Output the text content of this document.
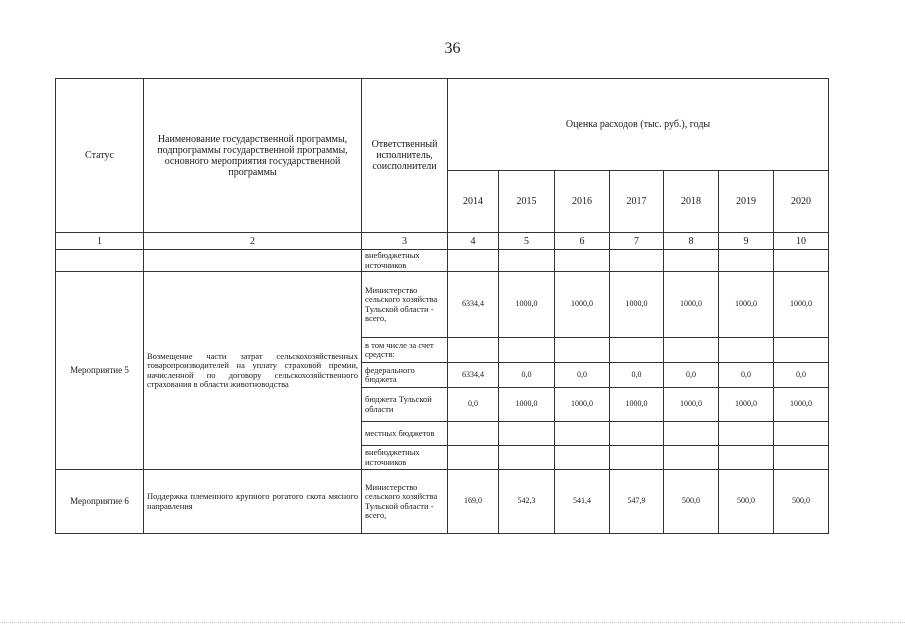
36
Статус	Наименование государственной программы, подпрограммы государственной программы, основного мероприятия государственной программы	Ответственный исполнитель, соисполнители	Оценка расходов (тыс. руб.), годы						
			2014	2015	2016	2017	2018	2019	2020
1	2	3	4	5	6	7	8	9	10
		внебюджетных источников							
Мероприятие 5	Возмещение части затрат сельскохозяйственных товаропроизводителей на уплату страховой премии, начисленной по договору сельскохозяйственного страхования в области животноводства	Министерство сельского хозяйства Тульской области - всего,	6334,4	1000,0	1000,0	1000,0	1000,0	1000,0	1000,0
		в том числе за счет средств:							
		федерального бюджета	6334,4	0,0	0,0	0,0	0,0	0,0	0,0
		бюджета Тульской области	0,0	1000,0	1000,0	1000,0	1000,0	1000,0	1000,0
		местных бюджетов							
		внебюджетных источников							
Мероприятие 6	Поддержка племенного крупного рогатого скота мясного направления	Министерство сельского хозяйства Тульской области - всего,	169,0	542,3	541,4	547,9	500,0	500,0	500,0
